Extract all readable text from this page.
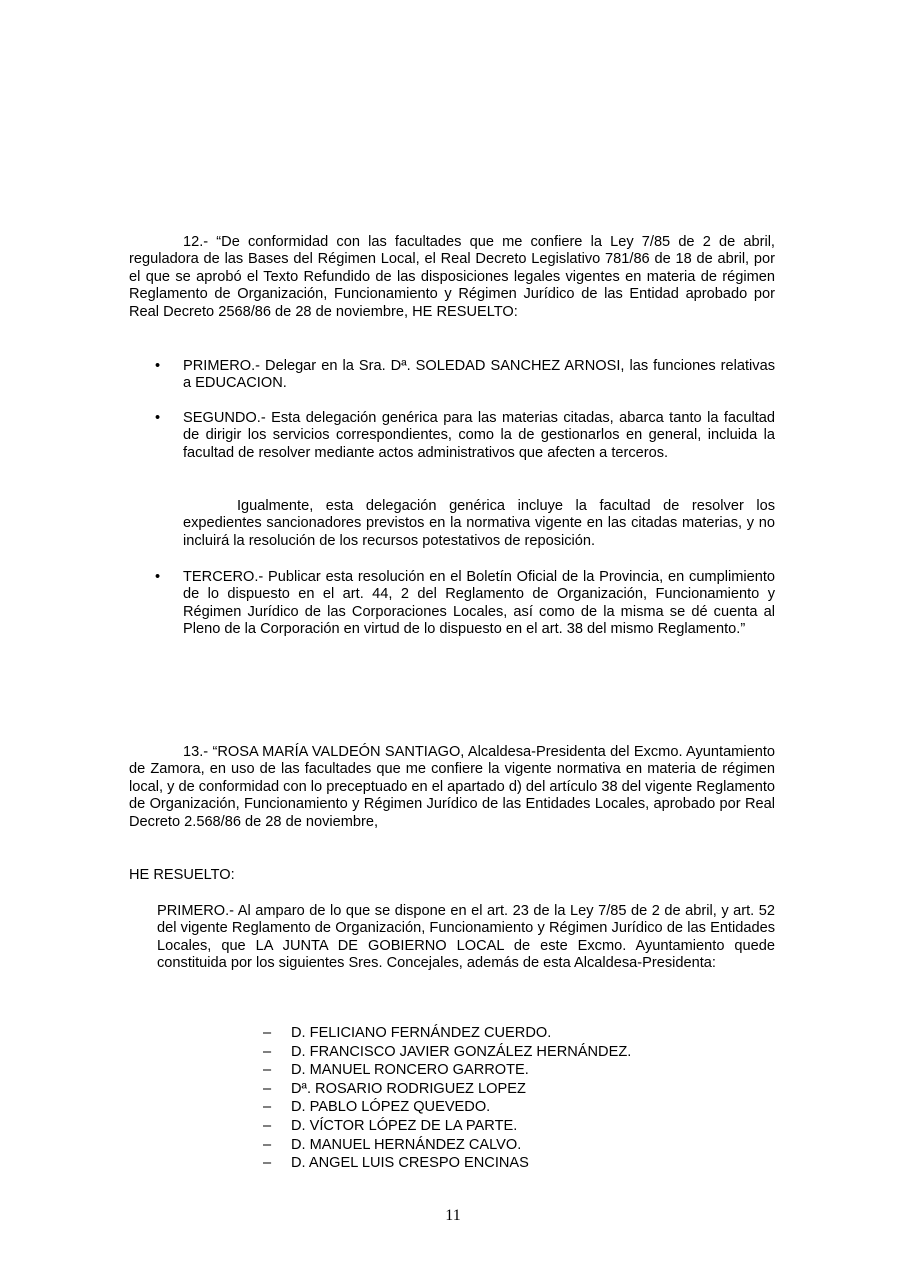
12.- “De conformidad con las facultades que me confiere la Ley 7/85 de 2 de abril, reguladora de las Bases del Régimen Local, el Real Decreto Legislativo 781/86 de 18 de abril, por el que se aprobó el Texto Refundido de las disposiciones legales vigentes en materia de régimen Reglamento de Organización, Funcionamiento y Régimen Jurídico de las Entidad aprobado por Real Decreto 2568/86 de 28 de noviembre, HE RESUELTO:
• PRIMERO.- Delegar en la Sra. Dª. SOLEDAD SANCHEZ ARNOSI, las funciones relativas a EDUCACION.
• SEGUNDO.- Esta delegación genérica para las materias citadas, abarca tanto la facultad de dirigir los servicios correspondientes, como la de gestionarlos en general, incluida la facultad de resolver mediante actos administrativos que afecten a terceros.
Igualmente, esta delegación genérica incluye la facultad de resolver los expedientes sancionadores previstos en la normativa vigente en las citadas materias, y no incluirá la resolución de los recursos potestativos de reposición.
• TERCERO.- Publicar esta resolución en el Boletín Oficial de la Provincia, en cumplimiento de lo dispuesto en el art. 44, 2 del Reglamento de Organización, Funcionamiento y Régimen Jurídico de las Corporaciones Locales, así como de la misma se dé cuenta al Pleno de la Corporación en virtud de lo dispuesto en el art. 38 del mismo Reglamento.”
13.- “ROSA MARÍA VALDEÓN SANTIAGO, Alcaldesa-Presidenta del Excmo. Ayuntamiento de Zamora, en uso de las facultades que me confiere la vigente normativa en materia de régimen local, y de conformidad con lo preceptuado en el apartado d) del artículo 38 del vigente Reglamento de Organización, Funcionamiento y Régimen Jurídico de las Entidades Locales, aprobado por Real Decreto 2.568/86 de 28 de noviembre,
HE RESUELTO:
PRIMERO.- Al amparo de lo que se dispone en el art. 23 de la Ley 7/85 de 2 de abril, y art. 52 del vigente Reglamento de Organización, Funcionamiento y Régimen Jurídico de las Entidades Locales, que LA JUNTA DE GOBIERNO LOCAL de este Excmo. Ayuntamiento quede constituida por los siguientes Sres. Concejales, además de esta Alcaldesa-Presidenta:
– D. FELICIANO FERNÁNDEZ CUERDO.
– D. FRANCISCO JAVIER GONZÁLEZ HERNÁNDEZ.
– D. MANUEL RONCERO GARROTE.
– Dª. ROSARIO RODRIGUEZ LOPEZ
– D. PABLO LÓPEZ QUEVEDO.
– D. VÍCTOR LÓPEZ DE LA PARTE.
– D. MANUEL HERNÁNDEZ CALVO.
– D. ANGEL LUIS CRESPO ENCINAS
11
